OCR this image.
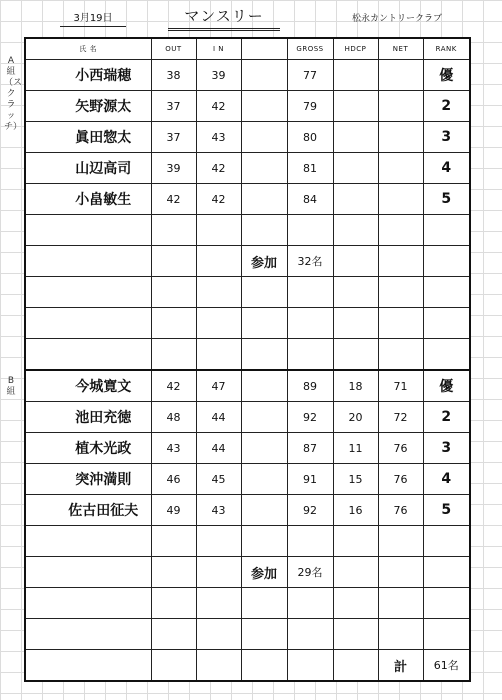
3月19日	マンスリー	松永カントリークラブ
A組（スクラッチ）
B組
氏 名	OUT	I N		GROSS	HDCP	NET	RANK
小西瑞穂	38	39		77			優
矢野源太	37	42		79			2
眞田惣太	37	43		80			3
山辺高司	39	42		81			4
小畠敏生	42	42		84			5

			参加	32名			

今城寛文	42	47		89	18	71	優
池田充徳	48	44		92	20	72	2
植木光政	43	44		87	11	76	3
突沖満則	46	45		91	15	76	4
佐古田征夫	49	43		92	16	76	5

			参加	29名			

						計	61名
